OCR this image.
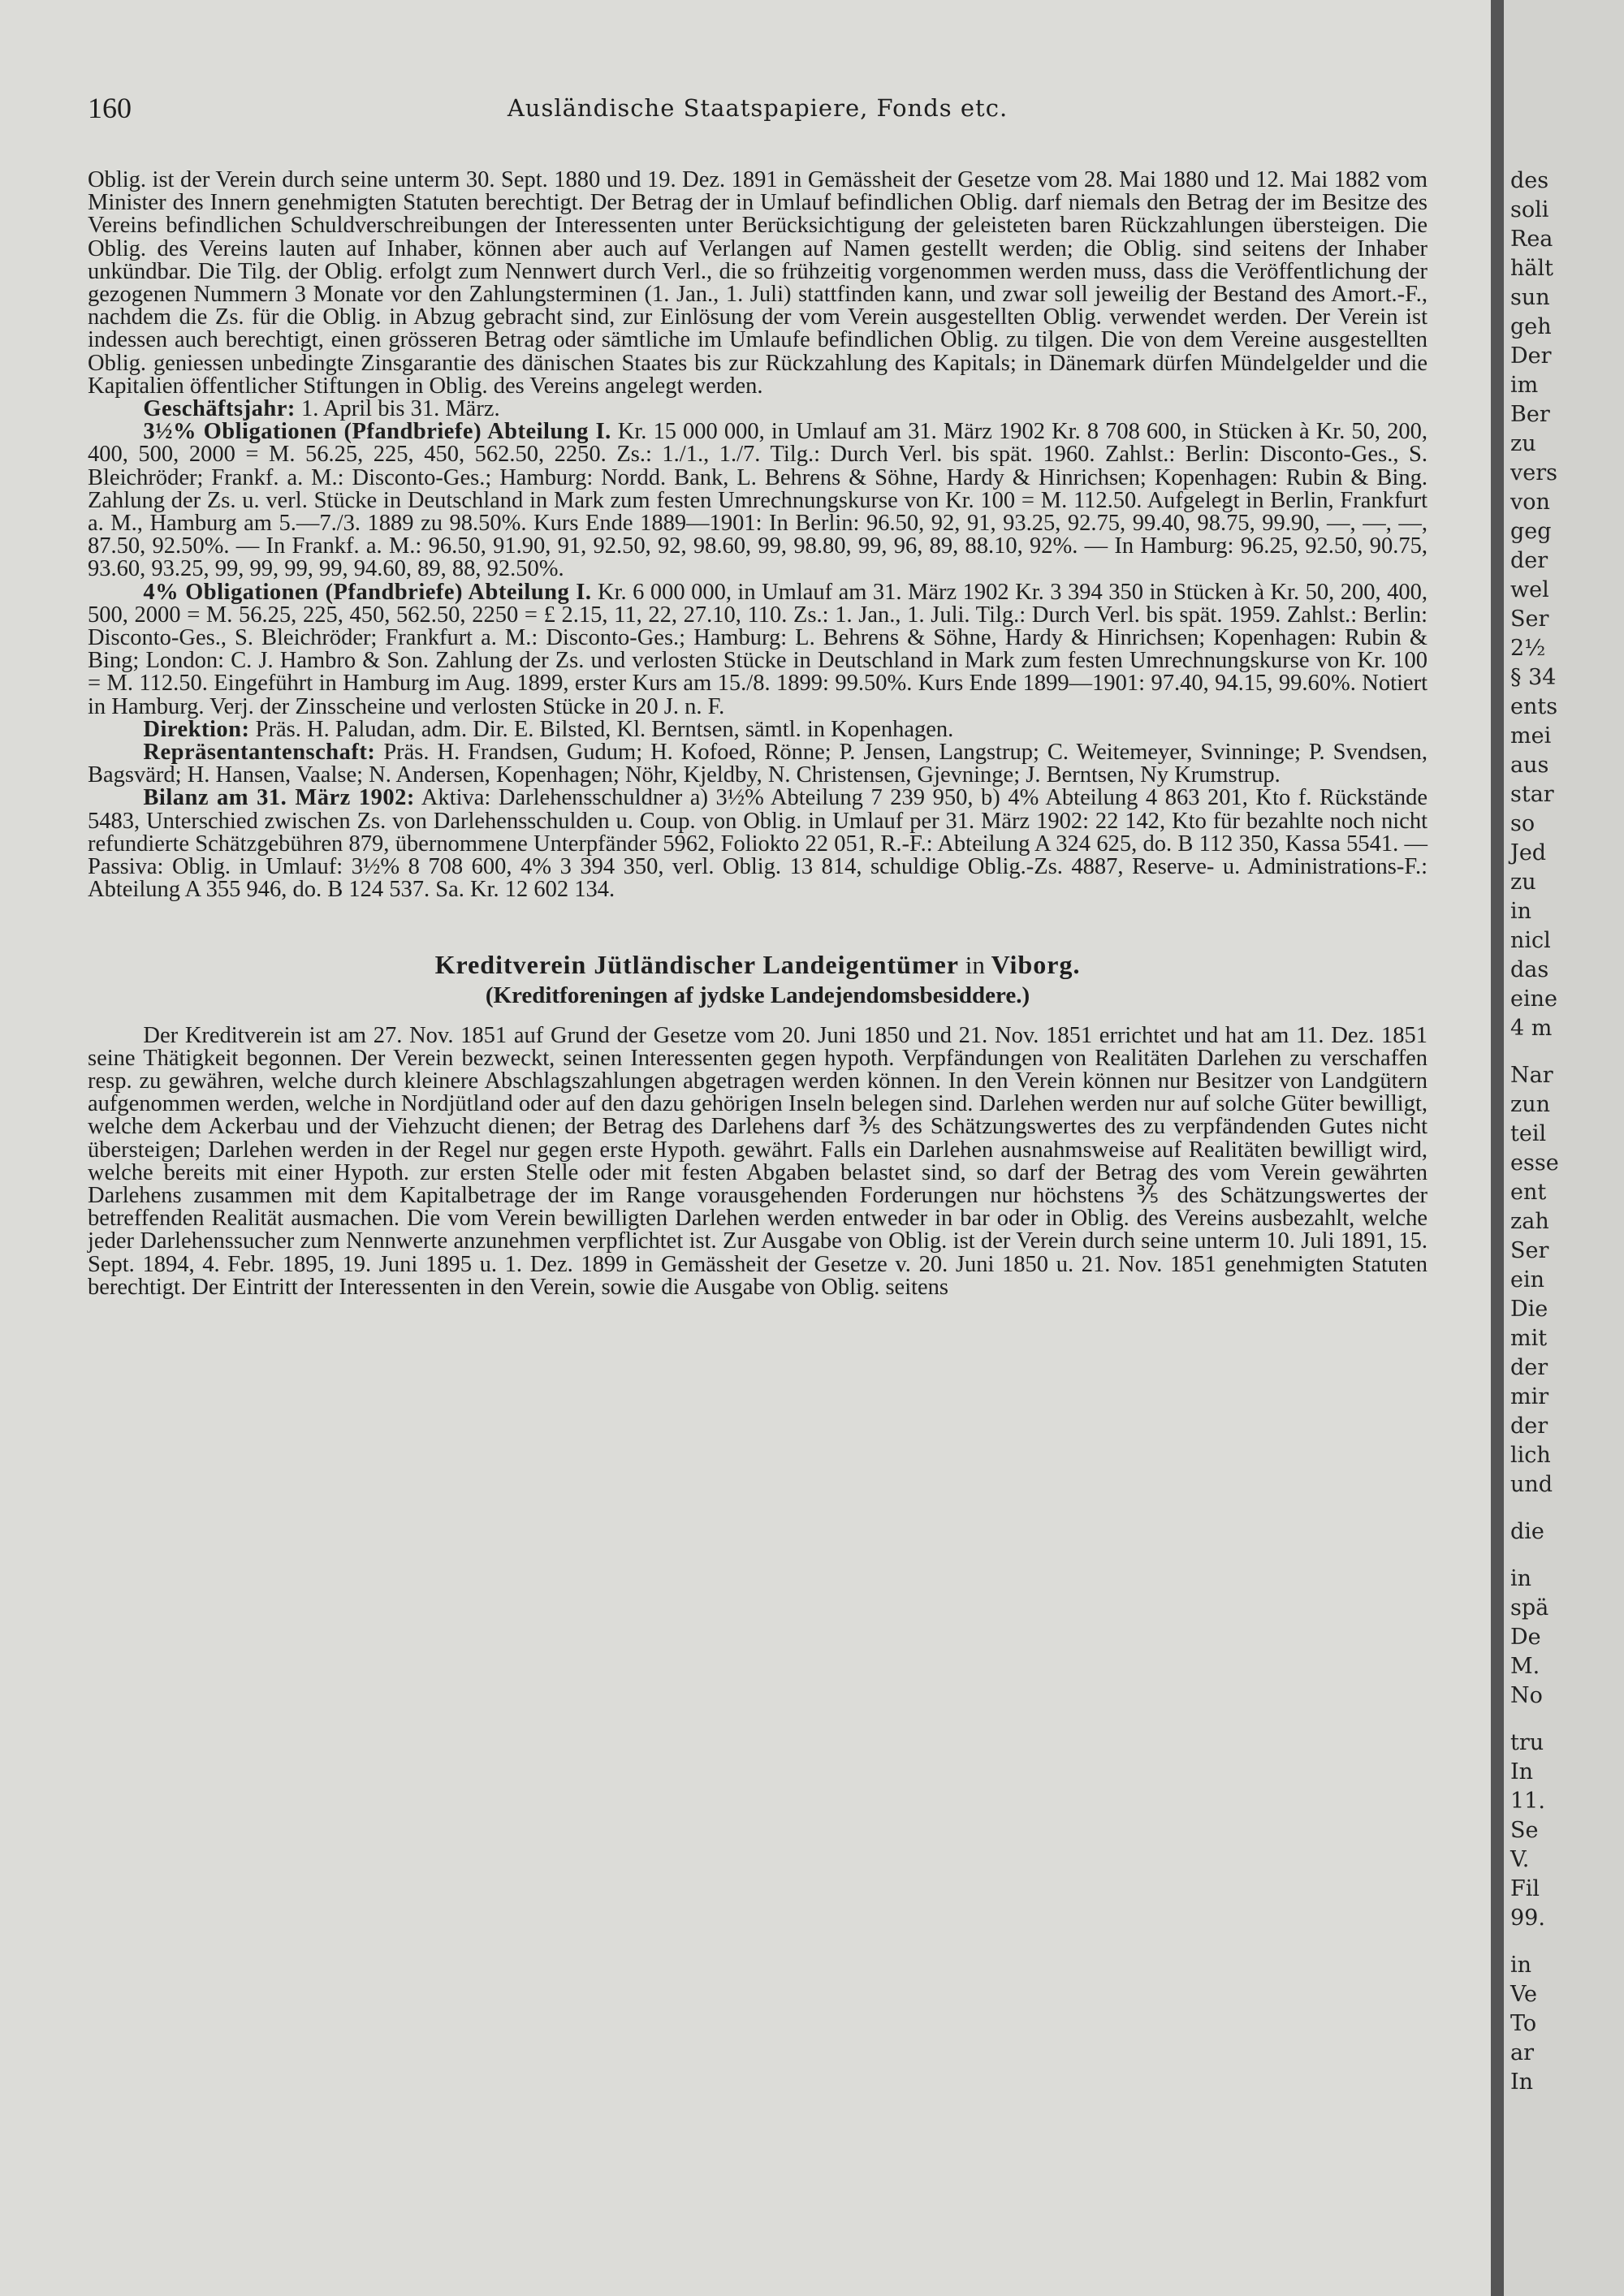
des
soli
Rea
hält
sun
geh
Der
im
Ber
zu
vers
von
geg
der
wel
Ser
2½
§ 34
ents
mei
aus
star
so
Jed
zu
in
nicl
das
eine
4 m
Nar
zun
teil
esse
ent
zah
Ser
ein
Die
mit
der
mir
der
lich
und
die
in
spä
De
M.
No
tru
In
11.
Se
V.
Fil
99.
in
Ve
To
ar
In
160	Ausländische Staatspapiere, Fonds etc.

Oblig. ist der Verein durch seine unterm 30. Sept. 1880 und 19. Dez. 1891 in Gemässheit der Gesetze vom 28. Mai 1880 und 12. Mai 1882 vom Minister des Innern genehmigten Statuten berechtigt. Der Betrag der in Umlauf befindlichen Oblig. darf niemals den Betrag der im Besitze des Vereins befindlichen Schuldverschreibungen der Interessenten unter Berücksichtigung der geleisteten baren Rückzahlungen übersteigen. Die Oblig. des Vereins lauten auf Inhaber, können aber auch auf Verlangen auf Namen gestellt werden; die Oblig. sind seitens der Inhaber unkündbar. Die Tilg. der Oblig. erfolgt zum Nennwert durch Verl., die so frühzeitig vorgenommen werden muss, dass die Veröffentlichung der gezogenen Nummern 3 Monate vor den Zahlungsterminen (1. Jan., 1. Juli) stattfinden kann, und zwar soll jeweilig der Bestand des Amort.-F., nachdem die Zs. für die Oblig. in Abzug gebracht sind, zur Einlösung der vom Verein ausgestellten Oblig. verwendet werden. Der Verein ist indessen auch berechtigt, einen grösseren Betrag oder sämtliche im Umlaufe befindlichen Oblig. zu tilgen. Die von dem Vereine ausgestellten Oblig. geniessen unbedingte Zinsgarantie des dänischen Staates bis zur Rückzahlung des Kapitals; in Dänemark dürfen Mündelgelder und die Kapitalien öffentlicher Stiftungen in Oblig. des Vereins angelegt werden.

Geschäftsjahr: 1. April bis 31. März.

3½% Obligationen (Pfandbriefe) Abteilung I. Kr. 15 000 000, in Umlauf am 31. März 1902 Kr. 8 708 600, in Stücken à Kr. 50, 200, 400, 500, 2000 = M. 56.25, 225, 450, 562.50, 2250. Zs.: 1./1., 1./7. Tilg.: Durch Verl. bis spät. 1960. Zahlst.: Berlin: Disconto-Ges., S. Bleichröder; Frankf. a. M.: Disconto-Ges.; Hamburg: Nordd. Bank, L. Behrens & Söhne, Hardy & Hinrichsen; Kopenhagen: Rubin & Bing. Zahlung der Zs. u. verl. Stücke in Deutschland in Mark zum festen Umrechnungskurse von Kr. 100 = M. 112.50. Aufgelegt in Berlin, Frankfurt a. M., Hamburg am 5.—7./3. 1889 zu 98.50%. Kurs Ende 1889—1901: In Berlin: 96.50, 92, 91, 93.25, 92.75, 99.40, 98.75, 99.90, —, —, —, 87.50, 92.50%. — In Frankf. a. M.: 96.50, 91.90, 91, 92.50, 92, 98.60, 99, 98.80, 99, 96, 89, 88.10, 92%. — In Hamburg: 96.25, 92.50, 90.75, 93.60, 93.25, 99, 99, 99, 99, 94.60, 89, 88, 92.50%.

4% Obligationen (Pfandbriefe) Abteilung I. Kr. 6 000 000, in Umlauf am 31. März 1902 Kr. 3 394 350 in Stücken à Kr. 50, 200, 400, 500, 2000 = M. 56.25, 225, 450, 562.50, 2250 = £ 2.15, 11, 22, 27.10, 110. Zs.: 1. Jan., 1. Juli. Tilg.: Durch Verl. bis spät. 1959. Zahlst.: Berlin: Disconto-Ges., S. Bleichröder; Frankfurt a. M.: Disconto-Ges.; Hamburg: L. Behrens & Söhne, Hardy & Hinrichsen; Kopenhagen: Rubin & Bing; London: C. J. Hambro & Son. Zahlung der Zs. und verlosten Stücke in Deutschland in Mark zum festen Umrechnungskurse von Kr. 100 = M. 112.50. Eingeführt in Hamburg im Aug. 1899, erster Kurs am 15./8. 1899: 99.50%. Kurs Ende 1899—1901: 97.40, 94.15, 99.60%. Notiert in Hamburg. Verj. der Zinsscheine und verlosten Stücke in 20 J. n. F.

Direktion: Präs. H. Paludan, adm. Dir. E. Bilsted, Kl. Berntsen, sämtl. in Kopenhagen.

Repräsentantenschaft: Präs. H. Frandsen, Gudum; H. Kofoed, Rönne; P. Jensen, Langstrup; C. Weitemeyer, Svinninge; P. Svendsen, Bagsvärd; H. Hansen, Vaalse; N. Andersen, Kopenhagen; Nöhr, Kjeldby, N. Christensen, Gjevninge; J. Berntsen, Ny Krumstrup.

Bilanz am 31. März 1902: Aktiva: Darlehensschuldner a) 3½% Abteilung 7 239 950, b) 4% Abteilung 4 863 201, Kto f. Rückstände 5483, Unterschied zwischen Zs. von Darlehensschulden u. Coup. von Oblig. in Umlauf per 31. März 1902: 22 142, Kto für bezahlte noch nicht refundierte Schätzgebühren 879, übernommene Unterpfänder 5962, Foliokto 22 051, R.-F.: Abteilung A 324 625, do. B 112 350, Kassa 5541. — Passiva: Oblig. in Umlauf: 3½% 8 708 600, 4% 3 394 350, verl. Oblig. 13 814, schuldige Oblig.-Zs. 4887, Reserve- u. Administrations-F.: Abteilung A 355 946, do. B 124 537. Sa. Kr. 12 602 134.

Kreditverein Jütländischer Landeigentümer in Viborg.

(Kreditforeningen af jydske Landejendomsbesiddere.)

Der Kreditverein ist am 27. Nov. 1851 auf Grund der Gesetze vom 20. Juni 1850 und 21. Nov. 1851 errichtet und hat am 11. Dez. 1851 seine Thätigkeit begonnen. Der Verein bezweckt, seinen Interessenten gegen hypoth. Verpfändungen von Realitäten Darlehen zu verschaffen resp. zu gewähren, welche durch kleinere Abschlagszahlungen abgetragen werden können. In den Verein können nur Besitzer von Landgütern aufgenommen werden, welche in Nordjütland oder auf den dazu gehörigen Inseln belegen sind. Darlehen werden nur auf solche Güter bewilligt, welche dem Ackerbau und der Viehzucht dienen; der Betrag des Darlehens darf ⅗ des Schätzungswertes des zu verpfändenden Gutes nicht übersteigen; Darlehen werden in der Regel nur gegen erste Hypoth. gewährt. Falls ein Darlehen ausnahmsweise auf Realitäten bewilligt wird, welche bereits mit einer Hypoth. zur ersten Stelle oder mit festen Abgaben belastet sind, so darf der Betrag des vom Verein gewährten Darlehens zusammen mit dem Kapitalbetrage der im Range vorausgehenden Forderungen nur höchstens ⅗ des Schätzungswertes der betreffenden Realität ausmachen. Die vom Verein bewilligten Darlehen werden entweder in bar oder in Oblig. des Vereins ausbezahlt, welche jeder Darlehenssucher zum Nennwerte anzunehmen verpflichtet ist. Zur Ausgabe von Oblig. ist der Verein durch seine unterm 10. Juli 1891, 15. Sept. 1894, 4. Febr. 1895, 19. Juni 1895 u. 1. Dez. 1899 in Gemässheit der Gesetze v. 20. Juni 1850 u. 21. Nov. 1851 genehmigten Statuten berechtigt. Der Eintritt der Interessenten in den Verein, sowie die Ausgabe von Oblig. seitens
